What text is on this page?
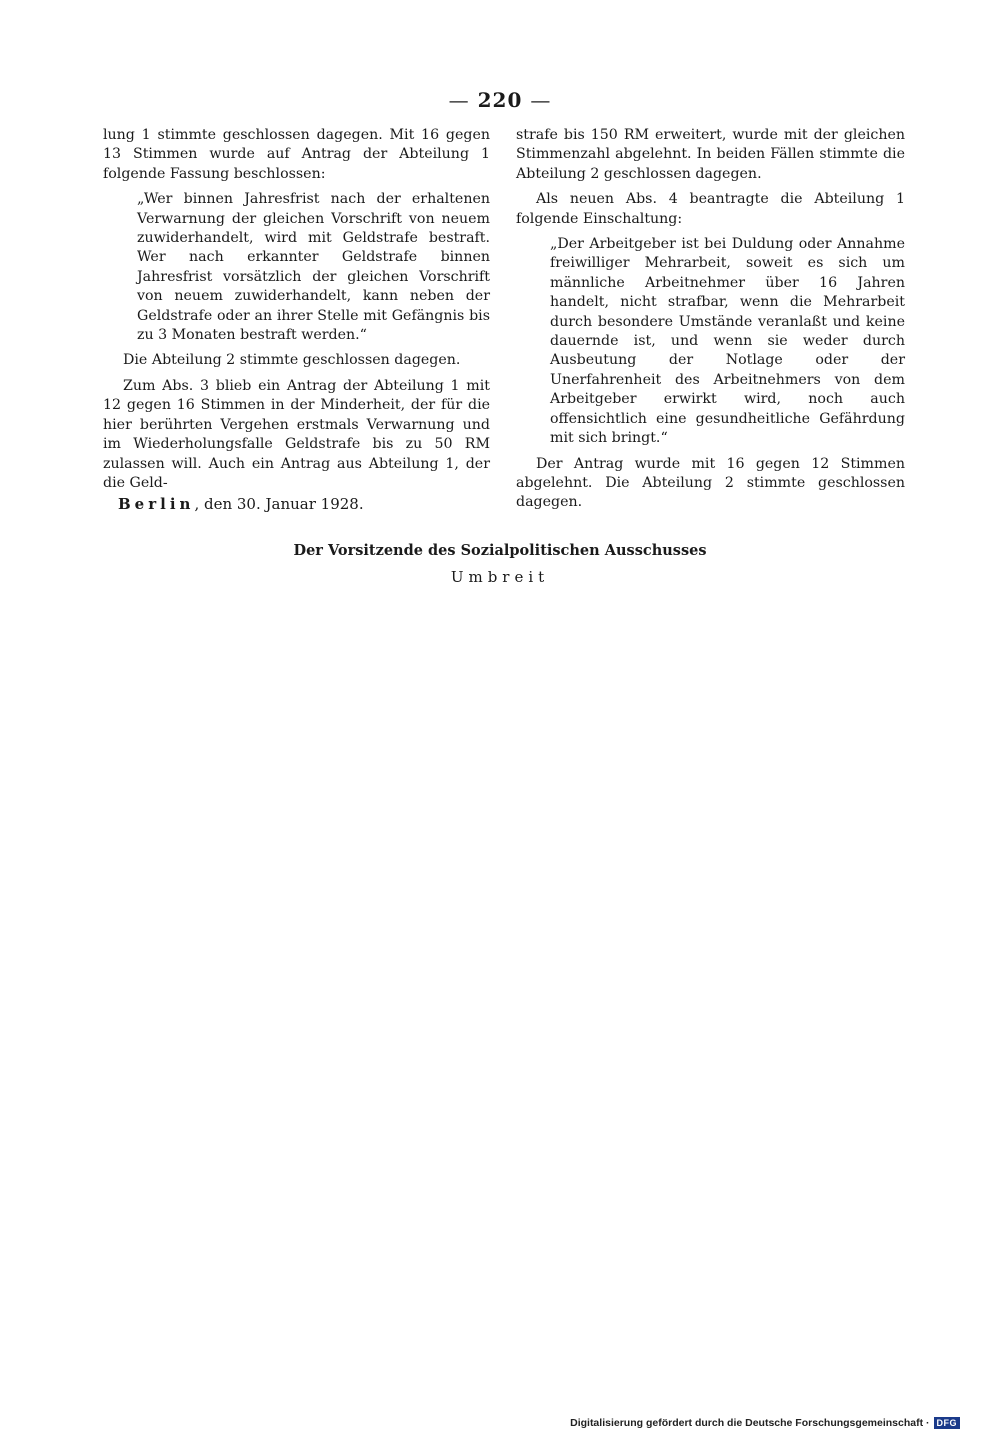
— 220 —

lung 1 stimmte geschlossen dagegen. Mit 16 gegen 13 Stimmen wurde auf Antrag der Abteilung 1 folgende Fassung beschlossen:

„Wer binnen Jahresfrist nach der erhaltenen Verwarnung der gleichen Vorschrift von neuem zuwiderhandelt, wird mit Geldstrafe bestraft. Wer nach erkannter Geldstrafe binnen Jahresfrist vorsätzlich der gleichen Vorschrift von neuem zuwiderhandelt, kann neben der Geldstrafe oder an ihrer Stelle mit Gefängnis bis zu 3 Monaten bestraft werden.“

Die Abteilung 2 stimmte geschlossen dagegen.

Zum Abs. 3 blieb ein Antrag der Abteilung 1 mit 12 gegen 16 Stimmen in der Minderheit, der für die hier berührten Vergehen erstmals Verwarnung und im Wiederholungsfalle Geldstrafe bis zu 50 RM zulassen will. Auch ein Antrag aus Abteilung 1, der die Geld-

strafe bis 150 RM erweitert, wurde mit der gleichen Stimmenzahl abgelehnt. In beiden Fällen stimmte die Abteilung 2 geschlossen dagegen.

Als neuen Abs. 4 beantragte die Abteilung 1 folgende Einschaltung:

„Der Arbeitgeber ist bei Duldung oder Annahme freiwilliger Mehrarbeit, soweit es sich um männliche Arbeitnehmer über 16 Jahren handelt, nicht strafbar, wenn die Mehrarbeit durch besondere Umstände veranlaßt und keine dauernde ist, und wenn sie weder durch Ausbeutung der Notlage oder der Unerfahrenheit des Arbeitnehmers von dem Arbeitgeber erwirkt wird, noch auch offensichtlich eine gesundheitliche Gefährdung mit sich bringt.“

Der Antrag wurde mit 16 gegen 12 Stimmen abgelehnt. Die Abteilung 2 stimmte geschlossen dagegen.

Berlin, den 30. Januar 1928.
Der Vorsitzende des Sozialpolitischen Ausschusses
Umbreit
Digitalisierung gefördert durch die Deutsche Forschungsgemeinschaft · DFG
